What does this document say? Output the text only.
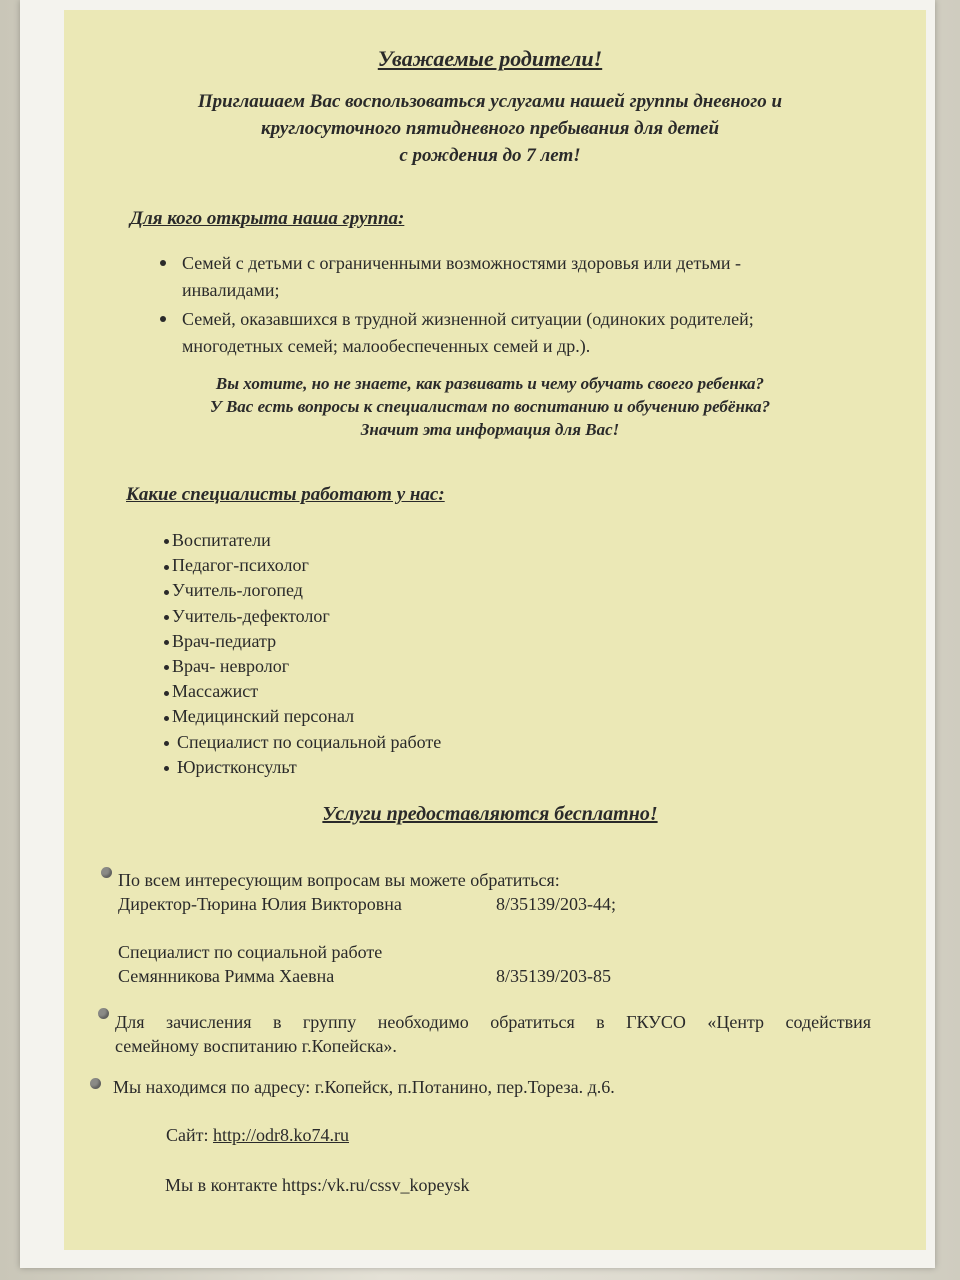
Уважаемые родители!
Приглашаем Вас воспользоваться услугами нашей группы дневного и
круглосуточного пятидневного пребывания для детей
с рождения до 7 лет!
Для кого открыта наша группа:
Семей с детьми с ограниченными возможностями здоровья или детьми -
инвалидами;
Семей, оказавшихся в трудной жизненной ситуации (одиноких родителей;
многодетных семей; малообеспеченных семей и др.).
Вы хотите, но не знаете, как развивать и чему обучать своего ребенка?
У Вас есть вопросы к специалистам по воспитанию и обучению ребёнка?
Значит эта информация для Вас!
Какие специалисты работают у нас:
Воспитатели
Педагог-психолог
Учитель-логопед
Учитель-дефектолог
Врач-педиатр
Врач- невролог
Массажист
Медицинский персонал
Специалист по социальной работе
Юристконсульт
Услуги предоставляются бесплатно!
По всем интересующим вопросам вы можете обратиться:
Директор-Тюрина Юлия Викторовна	8/35139/203-44;
Специалист по социальной работе
Семянникова Римма Хаевна	8/35139/203-85
Для зачисления в группу необходимо обратиться в ГКУСО «Центр содействия
семейному воспитанию г.Копейска».
Мы находимся по адресу: г.Копейск, п.Потанино, пер.Тореза. д.6.
Сайт: http://odr8.ko74.ru
Мы в контакте https:/vk.ru/cssv_kopeysk
